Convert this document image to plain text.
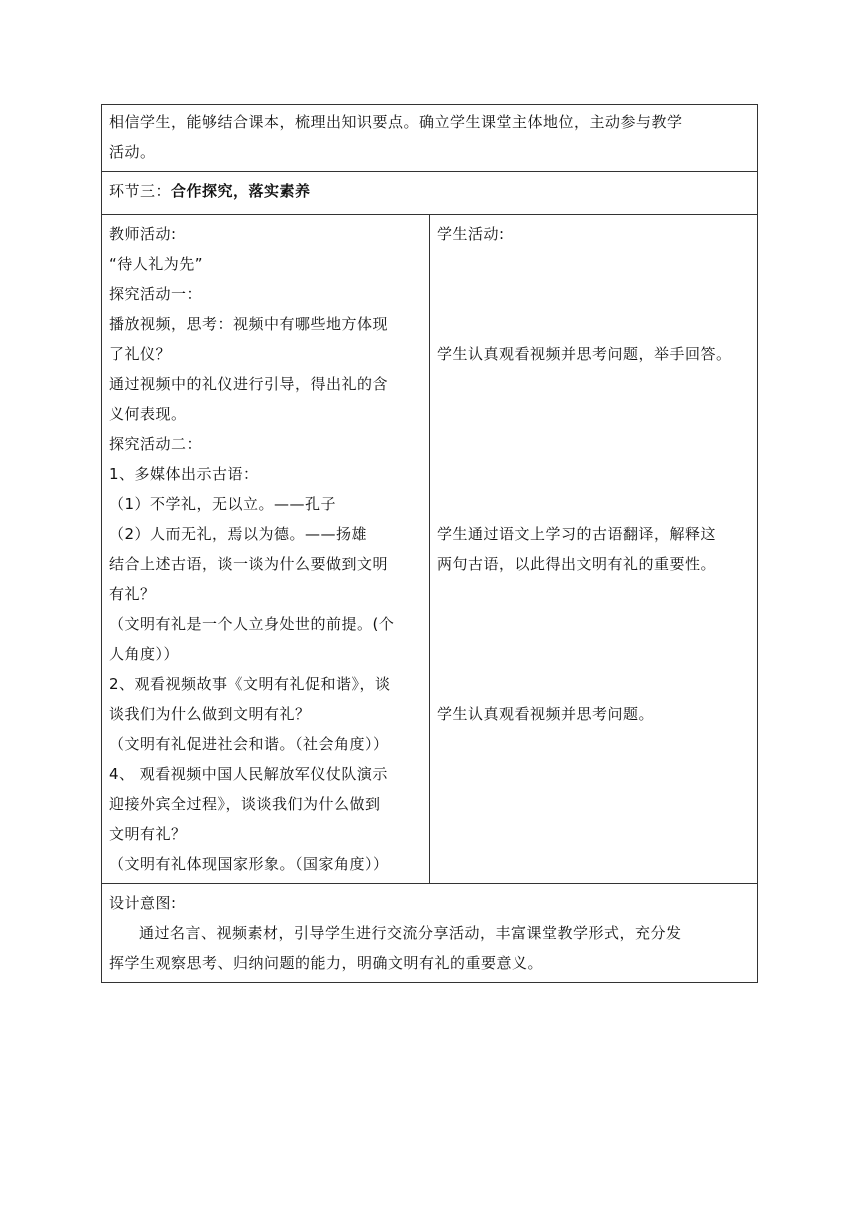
相信学生，能够结合课本，梳理出知识要点。确立学生课堂主体地位，主动参与教学
活动。

环节三：合作探究，落实素养

教师活动:
“待人礼为先”
探究活动一：
播放视频，思考：视频中有哪些地方体现
了礼仪？
通过视频中的礼仪进行引导，得出礼的含
义何表现。
探究活动二：
1、多媒体出示古语：
（1）不学礼，无以立。——孔子
（2）人而无礼，焉以为德。——扬雄
结合上述古语，谈一谈为什么要做到文明
有礼？
（文明有礼是一个人立身处世的前提。(个
人角度））
2、观看视频故事《文明有礼促和谐》，谈
谈我们为什么做到文明有礼？
（文明有礼促进社会和谐。（社会角度））
4、 观看视频中国人民解放军仪仗队演示
迎接外宾全过程》，谈谈我们为什么做到
文明有礼？
（文明有礼体现国家形象。（国家角度））

学生活动:
学生认真观看视频并思考问题，举手回答。
学生通过语文上学习的古语翻译，解释这
两句古语，以此得出文明有礼的重要性。
学生认真观看视频并思考问题。

设计意图:
通过名言、视频素材，引导学生进行交流分享活动，丰富课堂教学形式，充分发
挥学生观察思考、归纳问题的能力，明确文明有礼的重要意义。
